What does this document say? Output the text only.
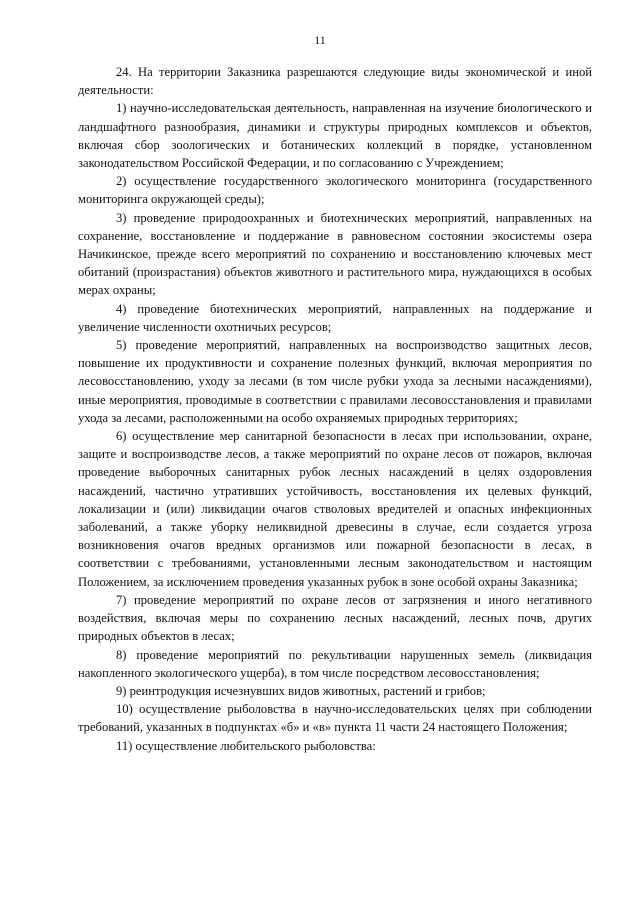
11

24. На территории Заказника разрешаются следующие виды экономической и иной деятельности:

1) научно-исследовательская деятельность, направленная на изучение биологического и ландшафтного разнообразия, динамики и структуры природных комплексов и объектов, включая сбор зоологических и ботанических коллекций в порядке, установленном законодательством Российской Федерации, и по согласованию с Учреждением;

2) осуществление государственного экологического мониторинга (государственного мониторинга окружающей среды);

3) проведение природоохранных и биотехнических мероприятий, направленных на сохранение, восстановление и поддержание в равновесном состоянии экосистемы озера Начикинское, прежде всего мероприятий по сохранению и восстановлению ключевых мест обитаний (произрастания) объектов животного и растительного мира, нуждающихся в особых мерах охраны;

4) проведение биотехнических мероприятий, направленных на поддержание и увеличение численности охотничьих ресурсов;

5) проведение мероприятий, направленных на воспроизводство защитных лесов, повышение их продуктивности и сохранение полезных функций, включая мероприятия по лесовосстановлению, уходу за лесами (в том числе рубки ухода за лесными насаждениями), иные мероприятия, проводимые в соответствии с правилами лесовосстановления и правилами ухода за лесами, расположенными на особо охраняемых природных территориях;

6) осуществление мер санитарной безопасности в лесах при использовании, охране, защите и воспроизводстве лесов, а также мероприятий по охране лесов от пожаров, включая проведение выборочных санитарных рубок лесных насаждений в целях оздоровления насаждений, частично утративших устойчивость, восстановления их целевых функций, локализации и (или) ликвидации очагов стволовых вредителей и опасных инфекционных заболеваний, а также уборку неликвидной древесины в случае, если создается угроза возникновения очагов вредных организмов или пожарной безопасности в лесах, в соответствии с требованиями, установленными лесным законодательством и настоящим Положением, за исключением проведения указанных рубок в зоне особой охраны Заказника;

7) проведение мероприятий по охране лесов от загрязнения и иного негативного воздействия, включая меры по сохранению лесных насаждений, лесных почв, других природных объектов в лесах;

8) проведение мероприятий по рекультивации нарушенных земель (ликвидация накопленного экологического ущерба), в том числе посредством лесовосстановления;

9) реинтродукция исчезнувших видов животных, растений и грибов;

10) осуществление рыболовства в научно-исследовательских целях при соблюдении требований, указанных в подпунктах «б» и «в» пункта 11 части 24 настоящего Положения;

11) осуществление любительского рыболовства:
